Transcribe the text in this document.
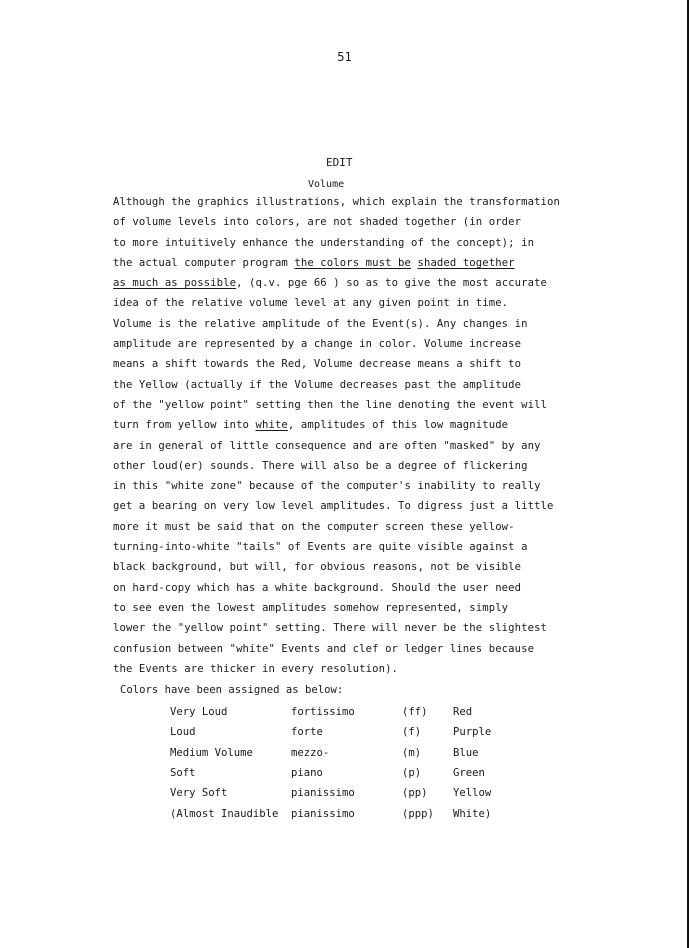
51
EDIT
Volume
Although the graphics illustrations, which explain the transformation
of volume levels into colors, are not shaded together (in order
to more intuitively enhance the understanding of the concept); in
the actual computer program the colors must be shaded together
as much as possible, (q.v. pge 66 ) so as to give the most accurate
idea of the relative volume level at any given point in time.
Volume is the relative amplitude of the Event(s). Any changes in
amplitude are represented by a change in color. Volume increase
means a shift towards the Red, Volume decrease means a shift to
the Yellow (actually if the Volume decreases past the amplitude
of the "yellow point" setting then the line denoting the event will
turn from yellow into white, amplitudes of this low magnitude
are in general of little consequence and are often "masked" by any
other loud(er) sounds. There will also be a degree of flickering
in this "white zone" because of the computer's inability to really
get a bearing on very low level amplitudes. To digress just a little
more it must be said that on the computer screen these yellow-
turning-into-white "tails" of Events are quite visible against a
black background, but will, for obvious reasons, not be visible
on hard-copy which has a white background. Should the user need
to see even the lowest amplitudes somehow represented, simply
lower the "yellow point" setting. There will never be the slightest
confusion between "white" Events and clef or ledger lines because
the Events are thicker in every resolution).
Colors have been assigned as below:
Very Loud	fortissimo	(ff)	Red
Loud	forte	(f)	Purple
Medium Volume	mezzo-	(m)	Blue
Soft	piano	(p)	Green
Very Soft	pianissimo	(pp)	Yellow
(Almost Inaudible	pianissimo	(ppp)	White)
